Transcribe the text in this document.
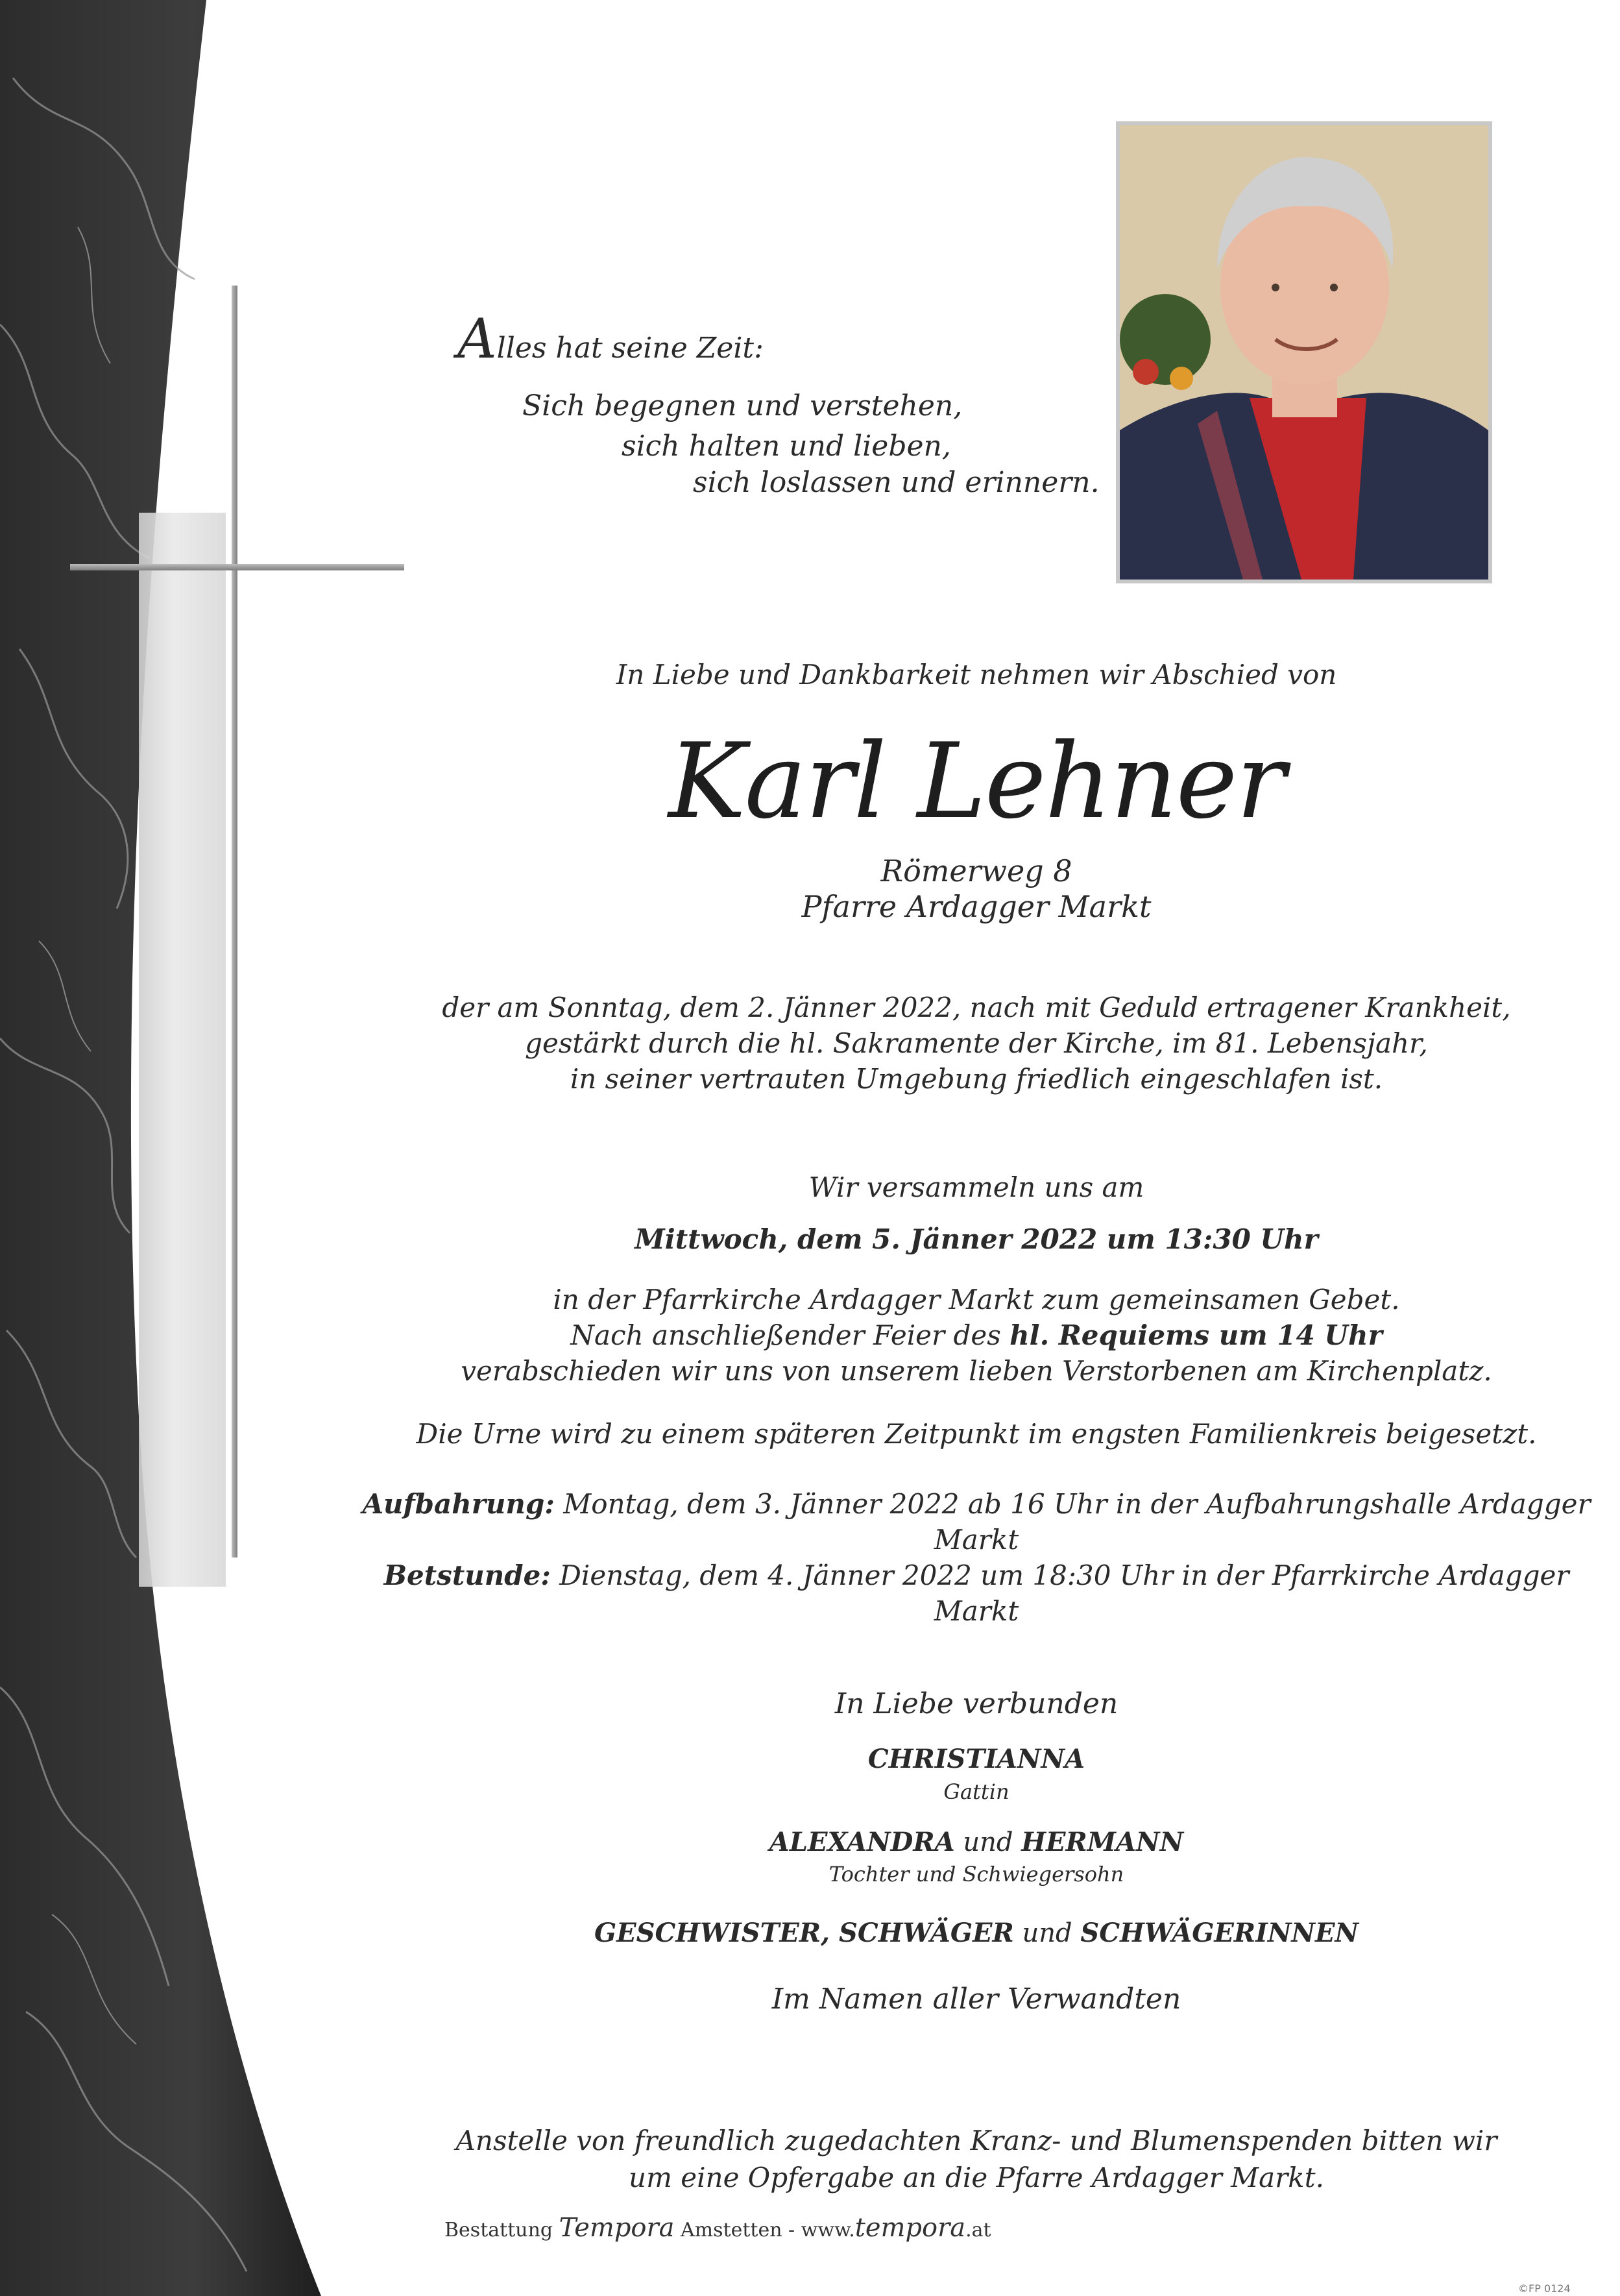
Alles hat seine Zeit:
Sich begegnen und verstehen,
sich halten und lieben,
sich loslassen und erinnern.
In Liebe und Dankbarkeit nehmen wir Abschied von
Karl Lehner
Römerweg 8
Pfarre Ardagger Markt
der am Sonntag, dem 2. Jänner 2022, nach mit Geduld ertragener Krankheit,
gestärkt durch die hl. Sakramente der Kirche, im 81. Lebensjahr,
in seiner vertrauten Umgebung friedlich eingeschlafen ist.
Wir versammeln uns am
Mittwoch, dem 5. Jänner 2022 um 13:30 Uhr
in der Pfarrkirche Ardagger Markt zum gemeinsamen Gebet.
Nach anschließender Feier des hl. Requiems um 14 Uhr
verabschieden wir uns von unserem lieben Verstorbenen am Kirchenplatz.
Die Urne wird zu einem späteren Zeitpunkt im engsten Familienkreis beigesetzt.
Aufbahrung: Montag, dem 3. Jänner 2022 ab 16 Uhr in der Aufbahrungshalle Ardagger Markt
Betstunde: Dienstag, dem 4. Jänner 2022 um 18:30 Uhr in der Pfarrkirche Ardagger Markt
In Liebe verbunden
CHRISTIANNA
Gattin
ALEXANDRA und HERMANN
Tochter und Schwiegersohn
GESCHWISTER, SCHWÄGER und SCHWÄGERINNEN
Im Namen aller Verwandten
Anstelle von freundlich zugedachten Kranz- und Blumenspenden bitten wir
um eine Opfergabe an die Pfarre Ardagger Markt.
Bestattung Tempora Amstetten - www.tempora.at
©FP 0124
